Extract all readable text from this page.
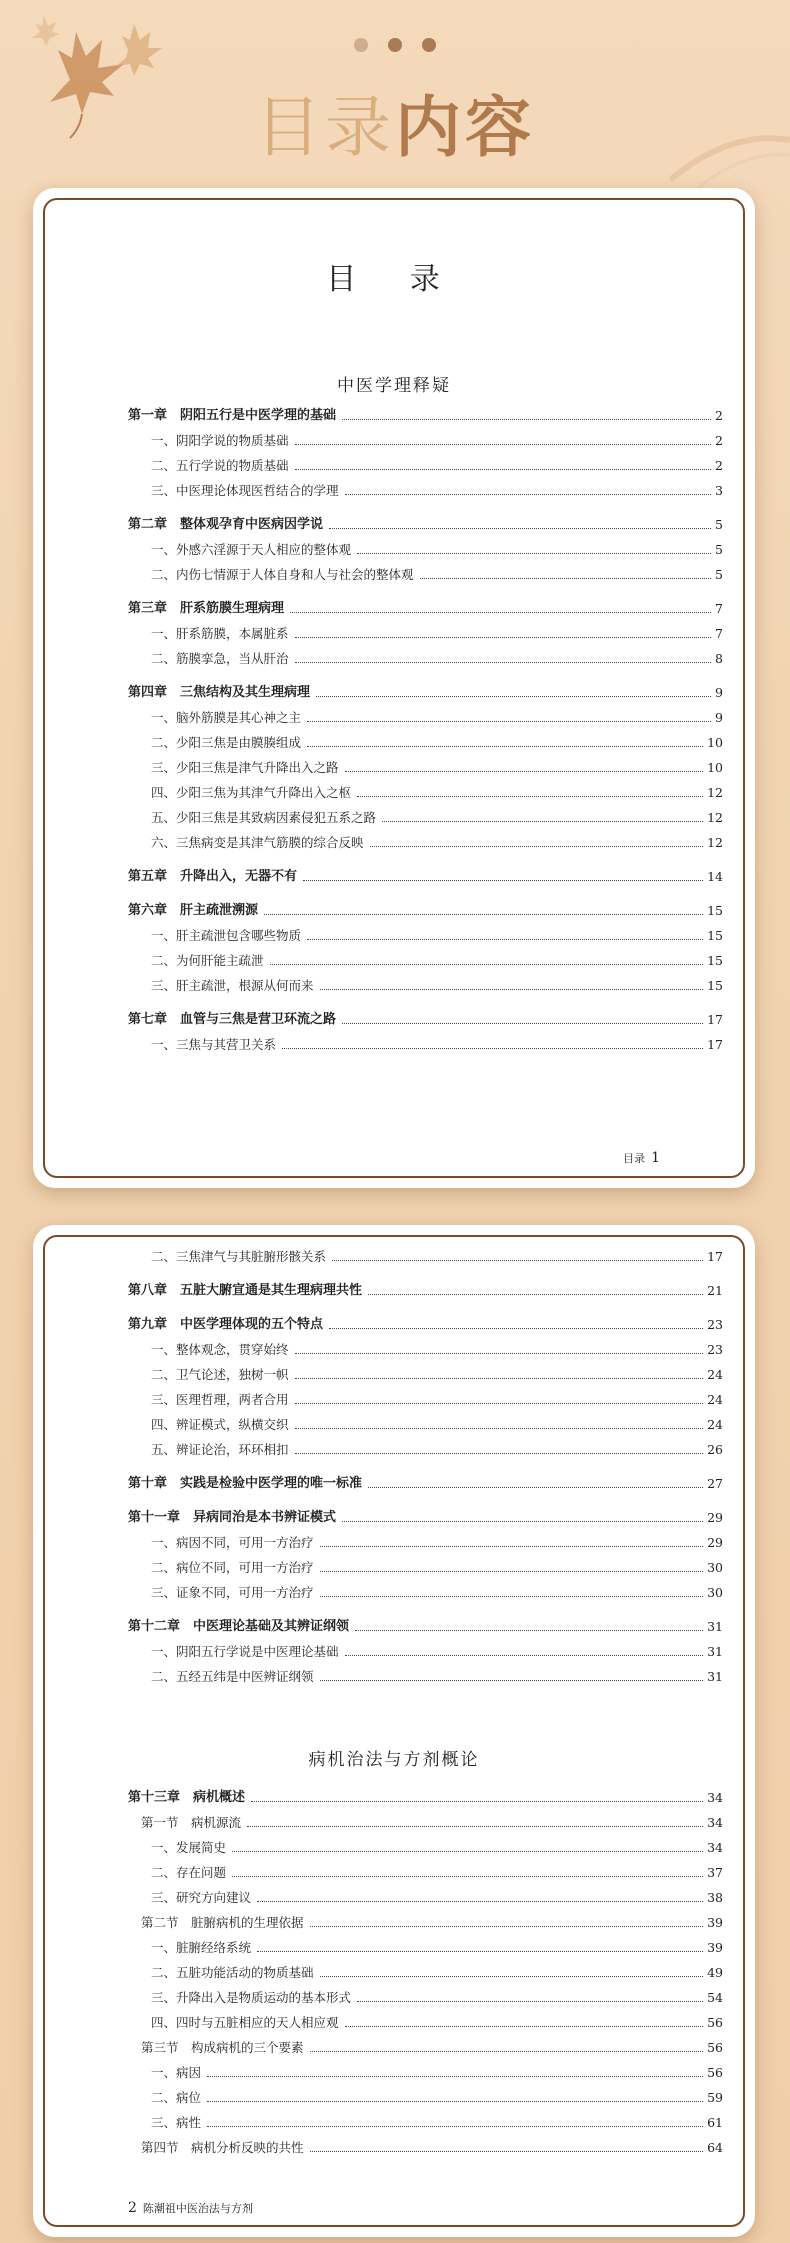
目录内容
目 录
中医学理释疑
第一章　阴阳五行是中医学理的基础	2
一、阴阳学说的物质基础	2
二、五行学说的物质基础	2
三、中医理论体现医哲结合的学理	3
第二章　整体观孕育中医病因学说	5
一、外感六淫源于天人相应的整体观	5
二、内伤七情源于人体自身和人与社会的整体观	5
第三章　肝系筋膜生理病理	7
一、肝系筋膜，本属脏系	7
二、筋膜挛急，当从肝治	8
第四章　三焦结构及其生理病理	9
一、脑外筋膜是其心神之主	9
二、少阳三焦是由膜腠组成	10
三、少阳三焦是津气升降出入之路	10
四、少阳三焦为其津气升降出入之枢	12
五、少阳三焦是其致病因素侵犯五系之路	12
六、三焦病变是其津气筋膜的综合反映	12
第五章　升降出入，无器不有	14
第六章　肝主疏泄溯源	15
一、肝主疏泄包含哪些物质	15
二、为何肝能主疏泄	15
三、肝主疏泄，根源从何而来	15
第七章　血管与三焦是营卫环流之路	17
一、三焦与其营卫关系	17
目录 1
二、三焦津气与其脏腑形骸关系	17
第八章　五脏大腑宣通是其生理病理共性	21
第九章　中医学理体现的五个特点	23
一、整体观念，贯穿始终	23
二、卫气论述，独树一帜	24
三、医理哲理，两者合用	24
四、辨证模式，纵横交织	24
五、辨证论治，环环相扣	26
第十章　实践是检验中医学理的唯一标准	27
第十一章　异病同治是本书辨证模式	29
一、病因不同，可用一方治疗	29
二、病位不同，可用一方治疗	30
三、证象不同，可用一方治疗	30
第十二章　中医理论基础及其辨证纲领	31
一、阴阳五行学说是中医理论基础	31
二、五经五纬是中医辨证纲领	31
病机治法与方剂概论
第十三章　病机概述	34
第一节　病机源流	34
一、发展简史	34
二、存在问题	37
三、研究方向建议	38
第二节　脏腑病机的生理依据	39
一、脏腑经络系统	39
二、五脏功能活动的物质基础	49
三、升降出入是物质运动的基本形式	54
四、四时与五脏相应的天人相应观	56
第三节　构成病机的三个要素	56
一、病因	56
二、病位	59
三、病性	61
第四节　病机分析反映的共性	64
2 陈潮祖中医治法与方剂
